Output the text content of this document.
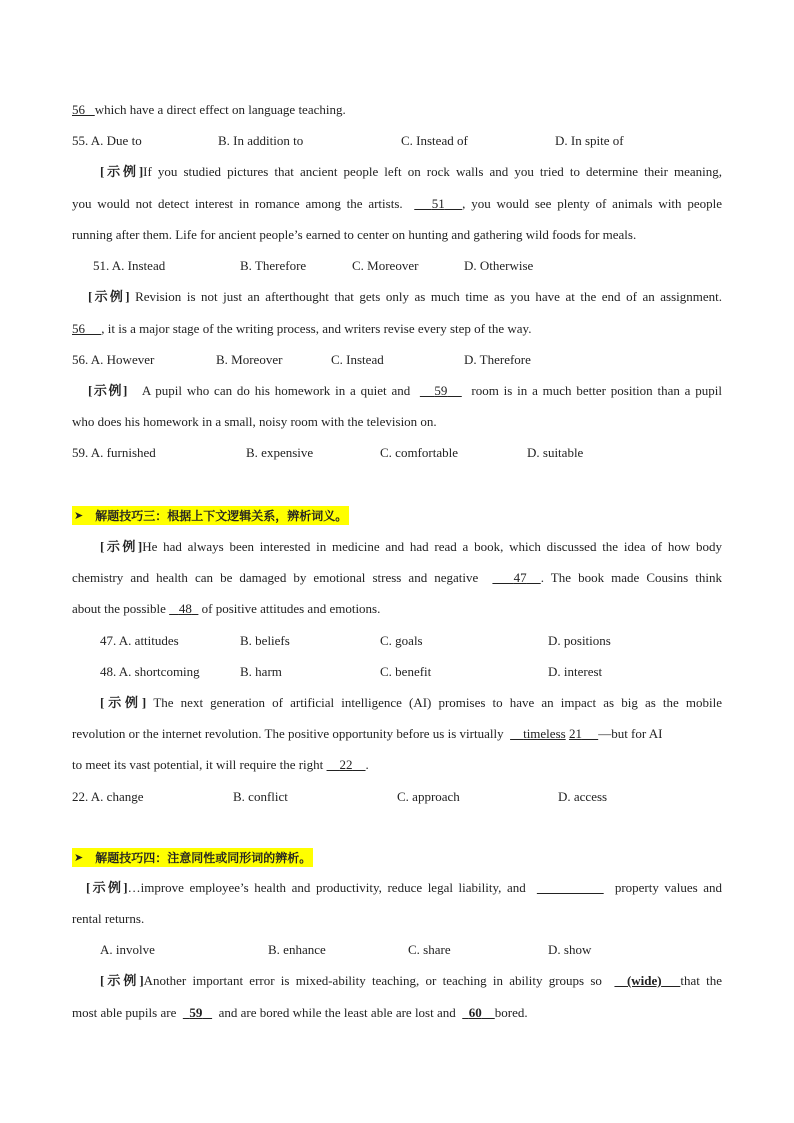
56 which have a direct effect on language teaching.
55. A. Due to	B. In addition to	C. Instead of	D. In spite of
[示例]If you studied pictures that ancient people left on rock walls and you tried to determine their meaning,
you would not detect interest in romance among the artists. 51 , you would see plenty of animals with people
running after them. Life for ancient people’s earned to center on hunting and gathering wild foods for meals.
51. A. Instead	B. Therefore	C. Moreover	D. Otherwise
[示例] Revision is not just an afterthought that gets only as much time as you have at the end of an assignment.
56 , it is a major stage of the writing process, and writers revise every step of the way.
56. A. However	B. Moreover	C. Instead	D. Therefore
[示例] A pupil who can do his homework in a quiet and 59 room is in a much better position than a pupil
who does his homework in a small, noisy room with the television on.
59. A. furnished	B. expensive	C. comfortable	D. suitable
➤ 解题技巧三：根据上下文逻辑关系，辨析词义。
[示例]He had always been interested in medicine and had read a book, which discussed the idea of how body
chemistry and health can be damaged by emotional stress and negative	47 . The book made Cousins think
about the possible 48 of positive attitudes and emotions.
47. A. attitudes	B. beliefs	C. goals	D. positions
48. A. shortcoming	B. harm	C. benefit	D. interest
[示例] The next generation of artificial intelligence (AI) promises to have an impact as big as the mobile
revolution or the internet revolution. The positive opportunity before us is virtually timeless 21 —but for AI
to meet its vast potential, it will require the right 22 .
22. A. change	B. conflict	C. approach	D. access
➤ 解题技巧四：注意同性或同形词的辨析。
[示例]…improve employee’s health and productivity, reduce legal liability, and	property values and
rental returns.
A. involve	B. enhance	C. share	D. show
[示例]Another important error is mixed-ability teaching, or teaching in ability groups so (wide) that the
most able pupils are 59 and are bored while the least able are lost and 60 bored.
